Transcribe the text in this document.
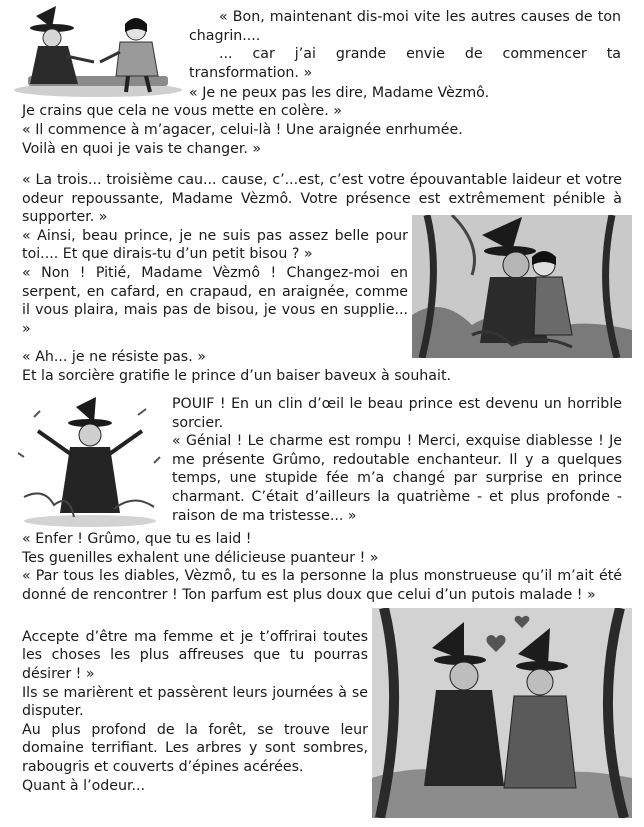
« Bon, maintenant dis-moi vite les autres causes de ton chagrin....

... car j’ai grande envie de commencer ta transformation. »

« Je ne peux pas les dire, Madame Vèzmô.

Je crains que cela ne vous mette en colère. »

« Il commence à m’agacer, celui-là ! Une araignée enrhumée.

Voilà en quoi je vais te changer. »

« La trois... troisième cau... cause, c’...est, c’est votre épouvantable laideur et votre odeur repoussante, Madame Vèzmô. Votre présence est extrêmement pénible à supporter. »

« Ainsi, beau prince, je ne suis pas assez belle pour toi.... Et que dirais-tu d’un petit bisou ? »

« Non ! Pitié, Madame Vèzmô ! Changez-moi en serpent, en cafard, en crapaud, en araignée, comme il vous plaira, mais pas de bisou, je vous en supplie... »

« Ah... je ne résiste pas. »

Et la sorcière gratifie le prince d’un baiser baveux à souhait.

POUIF ! En un clin d’œil le beau prince est devenu un horrible sorcier.

« Génial ! Le charme est rompu ! Merci, exquise diablesse ! Je me présente Grûmo, redoutable enchanteur. Il y a quelques temps, une stupide fée m’a changé par surprise en prince charmant. C’était d’ailleurs la quatrième - et plus profonde - raison de ma tristesse... »

« Enfer ! Grûmo, que tu es laid !

Tes guenilles exhalent une délicieuse puanteur ! »

« Par tous les diables, Vèzmô, tu es la personne la plus monstrueuse qu’il m’ait été donné de rencontrer ! Ton parfum est plus doux que celui d’un putois malade ! »

Accepte d’être ma femme et je t’offrirai toutes les choses les plus affreuses que tu pourras désirer ! »

Ils se marièrent et passèrent leurs journées à se disputer.

Au plus profond de la forêt, se trouve leur domaine terrifiant. Les arbres y sont sombres, rabougris et couverts d’épines acérées.

Quant à l’odeur...
